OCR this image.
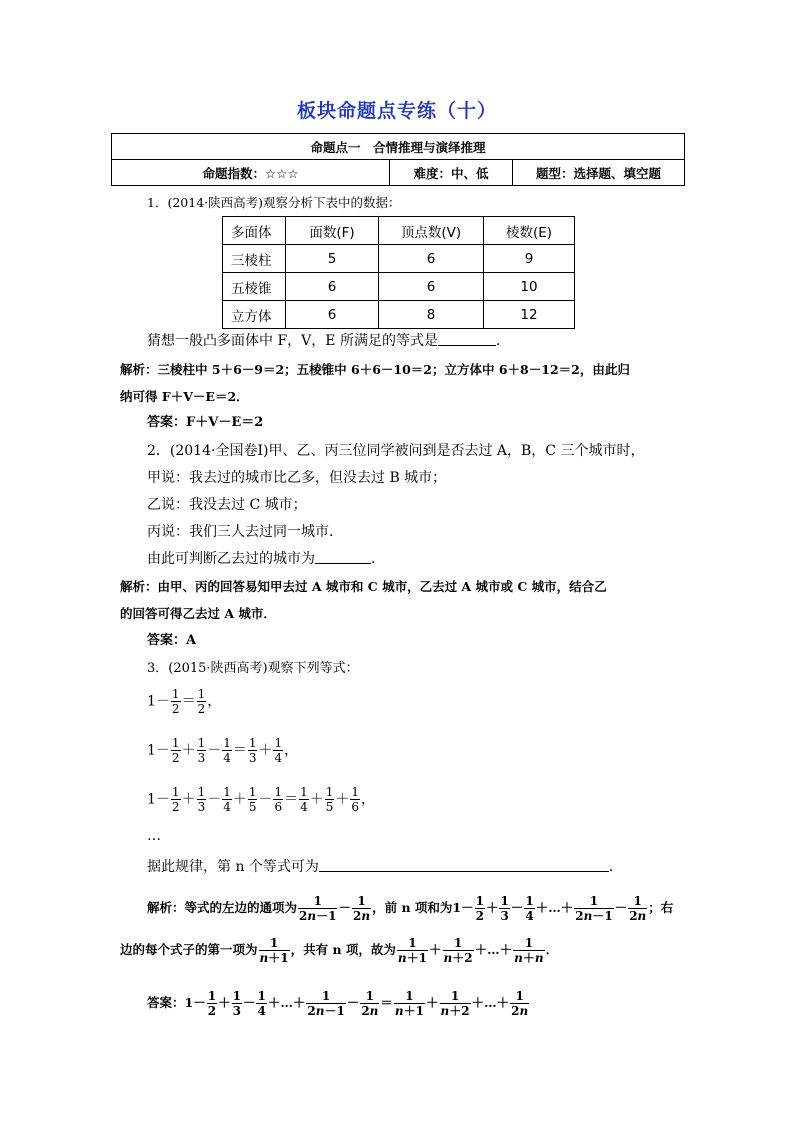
板块命题点专练（十）
命题点一　合情推理与演绎推理
命题指数：☆☆☆	难度：中、低	题型：选择题、填空题
1．(2014·陕西高考)观察分析下表中的数据：
多面体	面数(F)	顶点数(V)	棱数(E)
三棱柱	5	6	9
五棱锥	6	6	10
立方体	6	8	12
猜想一般凸多面体中 F，V，E 所满足的等式是	．
解析：三棱柱中 5＋6－9＝2；五棱锥中 6＋6－10＝2；立方体中 6＋8－12＝2，由此归
纳可得 F＋V－E＝2．
答案：F＋V－E＝2
2．(2014·全国卷Ⅰ)甲、乙、丙三位同学被问到是否去过 A，B，C 三个城市时，
甲说：我去过的城市比乙多，但没去过 B 城市；
乙说：我没去过 C 城市；
丙说：我们三人去过同一城市．
由此可判断乙去过的城市为	．
解析：由甲、丙的回答易知甲去过 A 城市和 C 城市，乙去过 A 城市或 C 城市，结合乙
的回答可得乙去过 A 城市．
答案：A
3．(2015·陕西高考)观察下列等式：
$1- \frac{1}{2} = \frac{1}{2}$ ，
$1- \frac{1}{2} + \frac{1}{3} - \frac{1}{4} = \frac{1}{3} + \frac{1}{4}$ ，
$1- \frac{1}{2} + \frac{1}{3} - \frac{1}{4} + \frac{1}{5} - \frac{1}{6} = \frac{1}{4} + \frac{1}{5} + \frac{1}{6}$ ，
…
据此规律，第 n 个等式可为	．
解析：等式的左边的通项为 $\frac{1}{2n-1} - \frac{1}{2n}$ ，前 n 项和为$1- \frac{1}{2} + \frac{1}{3} - \frac{1}{4}$ ＋…＋ $\frac{1}{2n-1} - \frac{1}{2n}$ ；右
边的每个式子的第一项为 $\frac{1}{n+1}$ ，共有 n 项，故为 $\frac{1}{n+1} + \frac{1}{n+2}$ ＋…＋ $\frac{1}{n+n}$ ．
答案：$1- \frac{1}{2} + \frac{1}{3} - \frac{1}{4}$ ＋…＋ $\frac{1}{2n-1} - \frac{1}{2n} = \frac{1}{n+1} + \frac{1}{n+2}$ ＋…＋ $\frac{1}{2n}$
